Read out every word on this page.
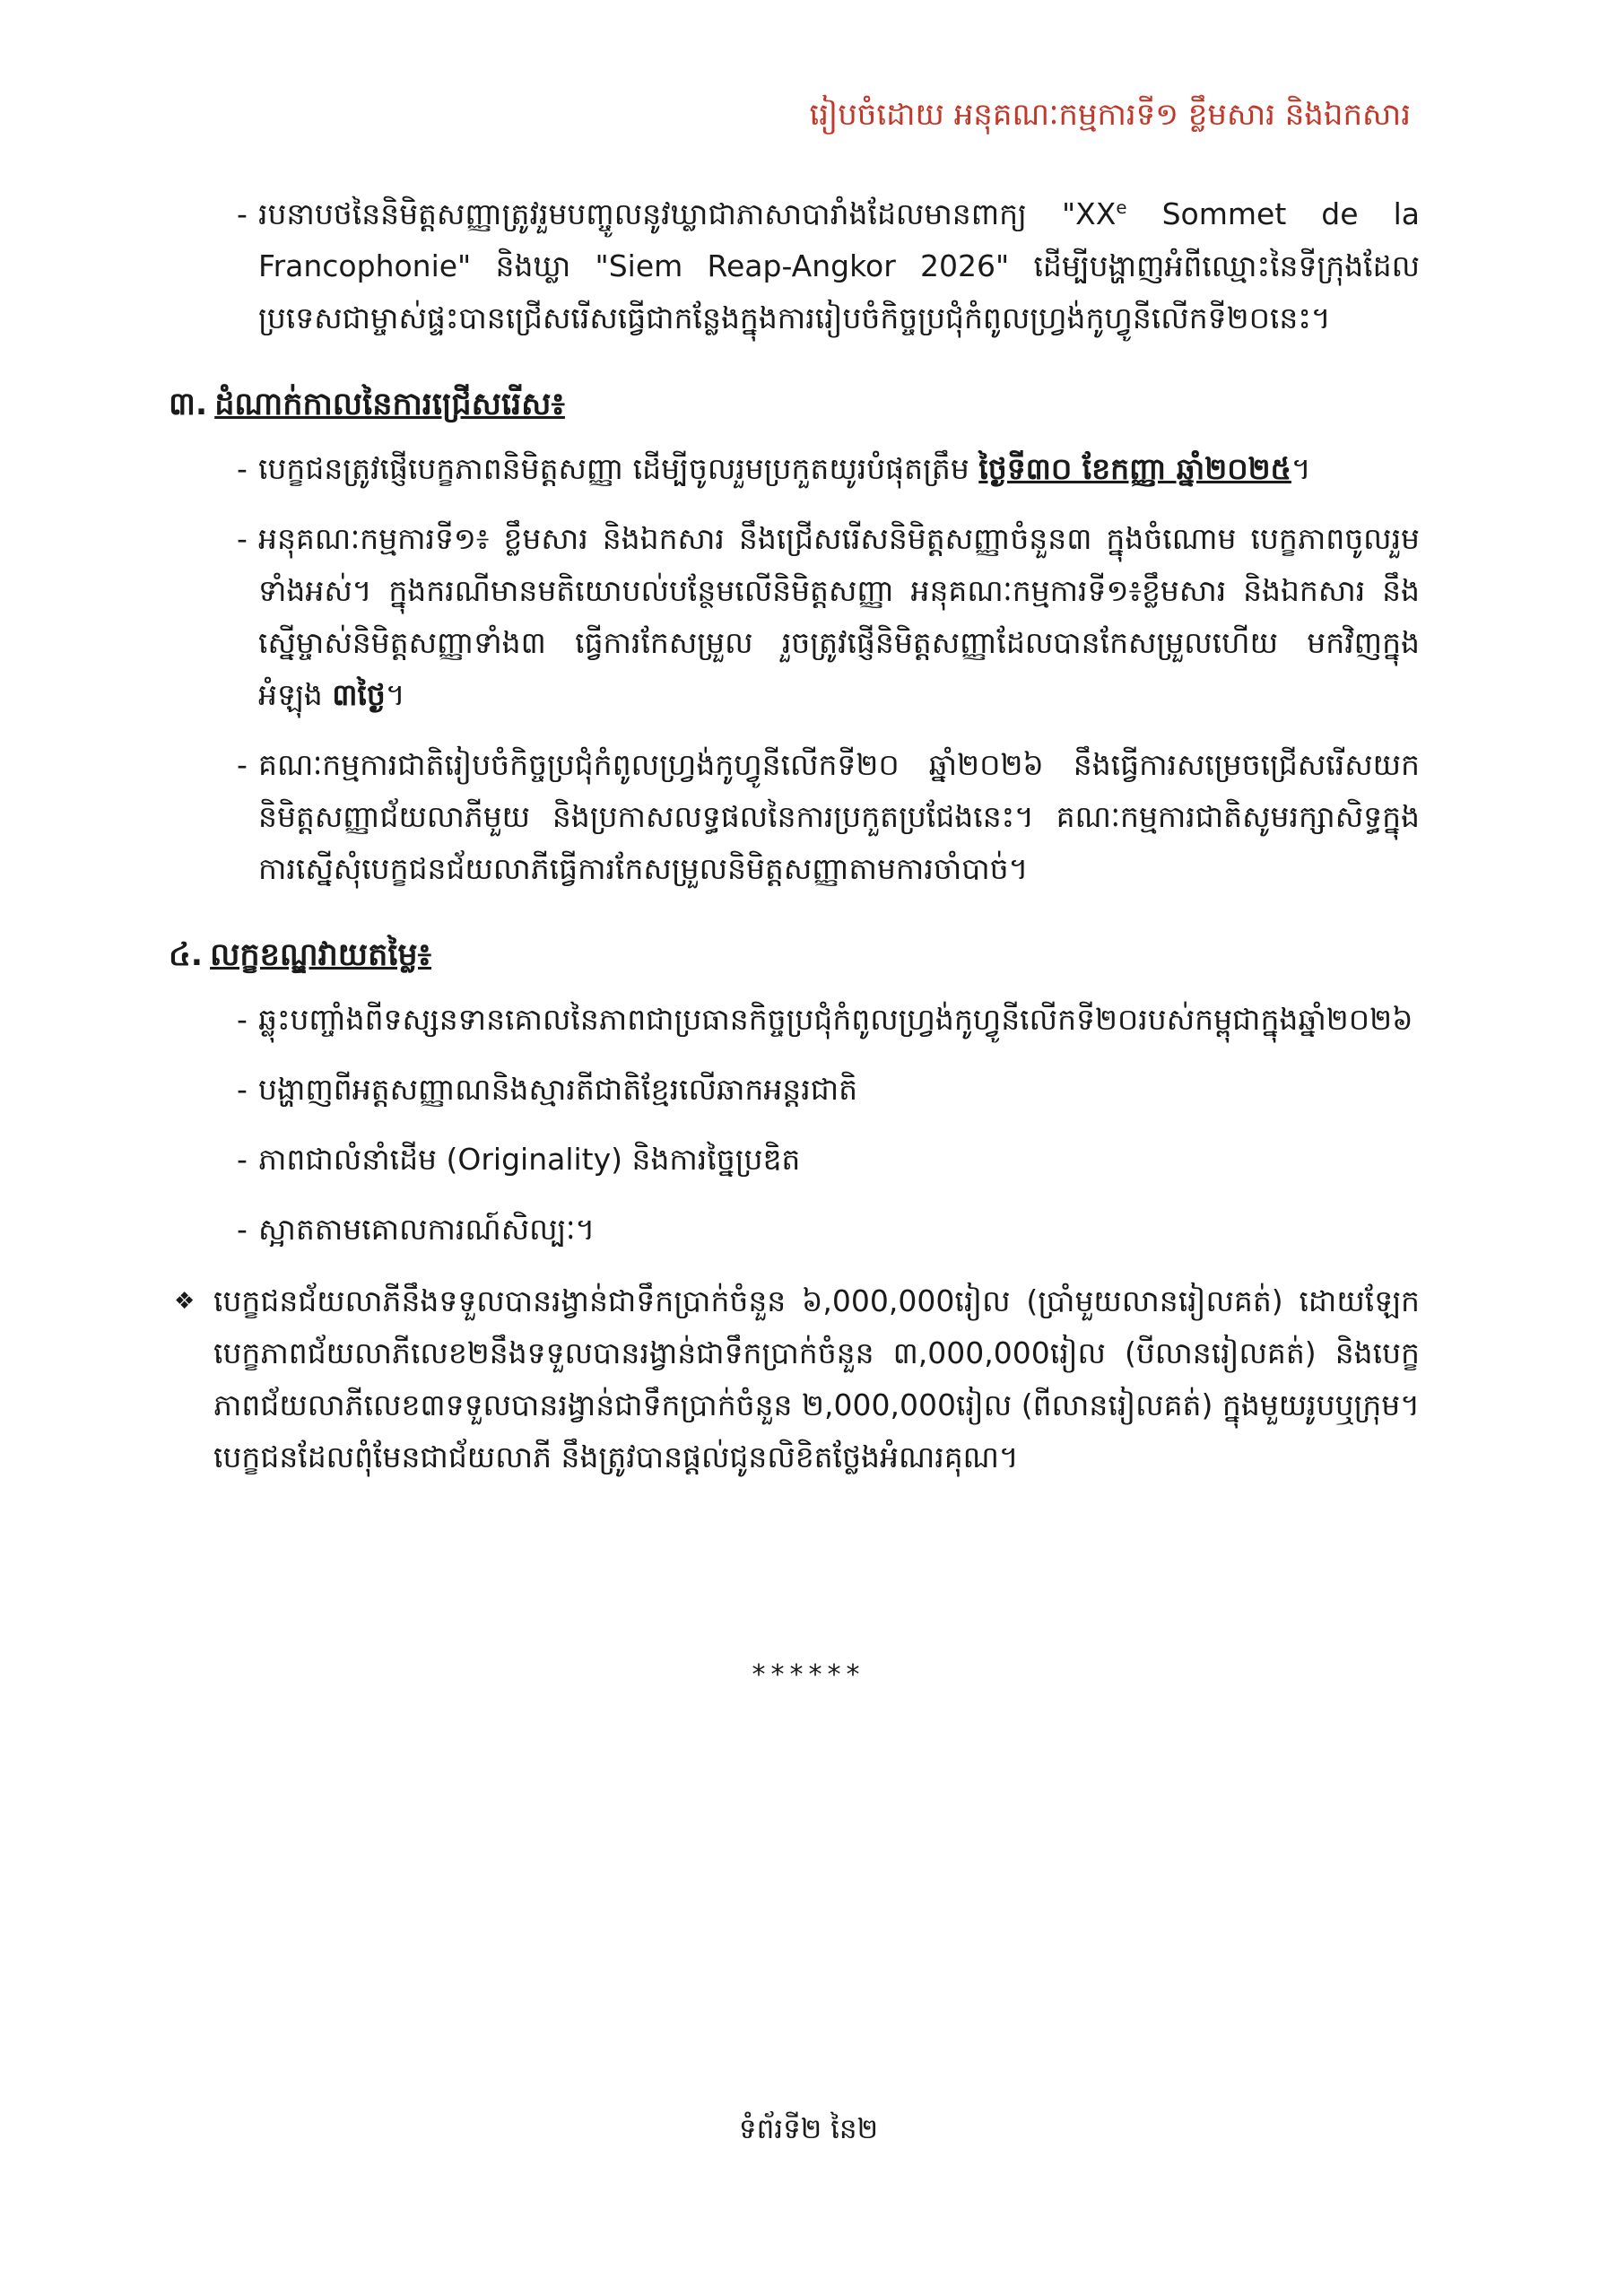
រៀបចំដោយ អនុគណៈកម្មការទី១ ខ្លឹមសារ និងឯកសារ
- របនាបថនៃនិមិត្តសញ្ញាត្រូវរួមបញ្ចូលនូវឃ្លាជាភាសាបារាំងដែលមានពាក្យ "XXe Sommet de la Francophonie" និងឃ្លា "Siem Reap-Angkor 2026" ដើម្បីបង្ហាញអំពីឈ្មោះនៃទីក្រុងដែលប្រទេសជាម្ចាស់ផ្ទះបានជ្រើសរើសធ្វើជាកន្លែងក្នុងការរៀបចំកិច្ចប្រជុំកំពូលហ្វ្រង់កូហ្វូនីលើកទី២០នេះ។
៣. ដំណាក់កាលនៃការជ្រើសរើស៖
- បេក្ខជនត្រូវផ្ញើបេក្ខភាពនិមិត្តសញ្ញា ដើម្បីចូលរួមប្រកួតយូរបំផុតត្រឹម ថ្ងៃទី៣០ ខែកញ្ញា ឆ្នាំ២០២៥។
- អនុគណៈកម្មការទី១៖ ខ្លឹមសារ និងឯកសារ នឹងជ្រើសរើសនិមិត្តសញ្ញាចំនួន៣ ក្នុងចំណោម បេក្ខភាពចូលរួមទាំងអស់។ ក្នុងករណីមានមតិយោបល់បន្ថែមលើនិមិត្តសញ្ញា អនុគណៈកម្មការទី១៖ខ្លឹមសារ និងឯកសារ នឹងស្នើម្ចាស់និមិត្តសញ្ញាទាំង៣ ធ្វើការកែសម្រួល រួចត្រូវផ្ញើនិមិត្តសញ្ញាដែលបានកែសម្រួលហើយ មកវិញក្នុងអំឡុង ៣ថ្ងៃ។
- គណៈកម្មការជាតិរៀបចំកិច្ចប្រជុំកំពូលហ្វ្រង់កូហ្វូនីលើកទី២០ ឆ្នាំ២០២៦ នឹងធ្វើការសម្រេចជ្រើសរើសយកនិមិត្តសញ្ញាជ័យលាភីមួយ និងប្រកាសលទ្ធផលនៃការប្រកួតប្រជែងនេះ។ គណៈកម្មការជាតិសូមរក្សាសិទ្ធក្នុងការស្នើសុំបេក្ខជនជ័យលាភីធ្វើការកែសម្រួលនិមិត្តសញ្ញាតាមការចាំបាច់។
៤. លក្ខខណ្ឌវាយតម្លៃ៖
- ឆ្លុះបញ្ចាំងពីទស្សនទានគោលនៃភាពជាប្រធានកិច្ចប្រជុំកំពូលហ្វ្រង់កូហ្វូនីលើកទី២០របស់កម្ពុជាក្នុងឆ្នាំ២០២៦
- បង្ហាញពីអត្តសញ្ញាណនិងស្មារតីជាតិខ្មែរលើឆាកអន្តរជាតិ
- ភាពជាលំនាំដើម (Originality) និងការច្នៃប្រឌិត
- ស្អាតតាមគោលការណ៍សិល្បៈ។
❖ បេក្ខជនជ័យលាភីនឹងទទួលបានរង្វាន់ជាទឹកប្រាក់ចំនួន ៦,000,000រៀល (ប្រាំមួយលានរៀលគត់) ដោយឡែក បេក្ខភាពជ័យលាភីលេខ២នឹងទទួលបានរង្វាន់ជាទឹកប្រាក់ចំនួន ៣,000,000រៀល (បីលានរៀលគត់) និងបេក្ខភាពជ័យលាភីលេខ៣ទទួលបានរង្វាន់ជាទឹកប្រាក់ចំនួន ២,000,000រៀល (ពីលានរៀលគត់) ក្នុងមួយរូបឬក្រុម។ បេក្ខជនដែលពុំមែនជាជ័យលាភី នឹងត្រូវបានផ្តល់ជូនលិខិតថ្លែងអំណរគុណ។
******
ទំព័រទី២ នៃ២
